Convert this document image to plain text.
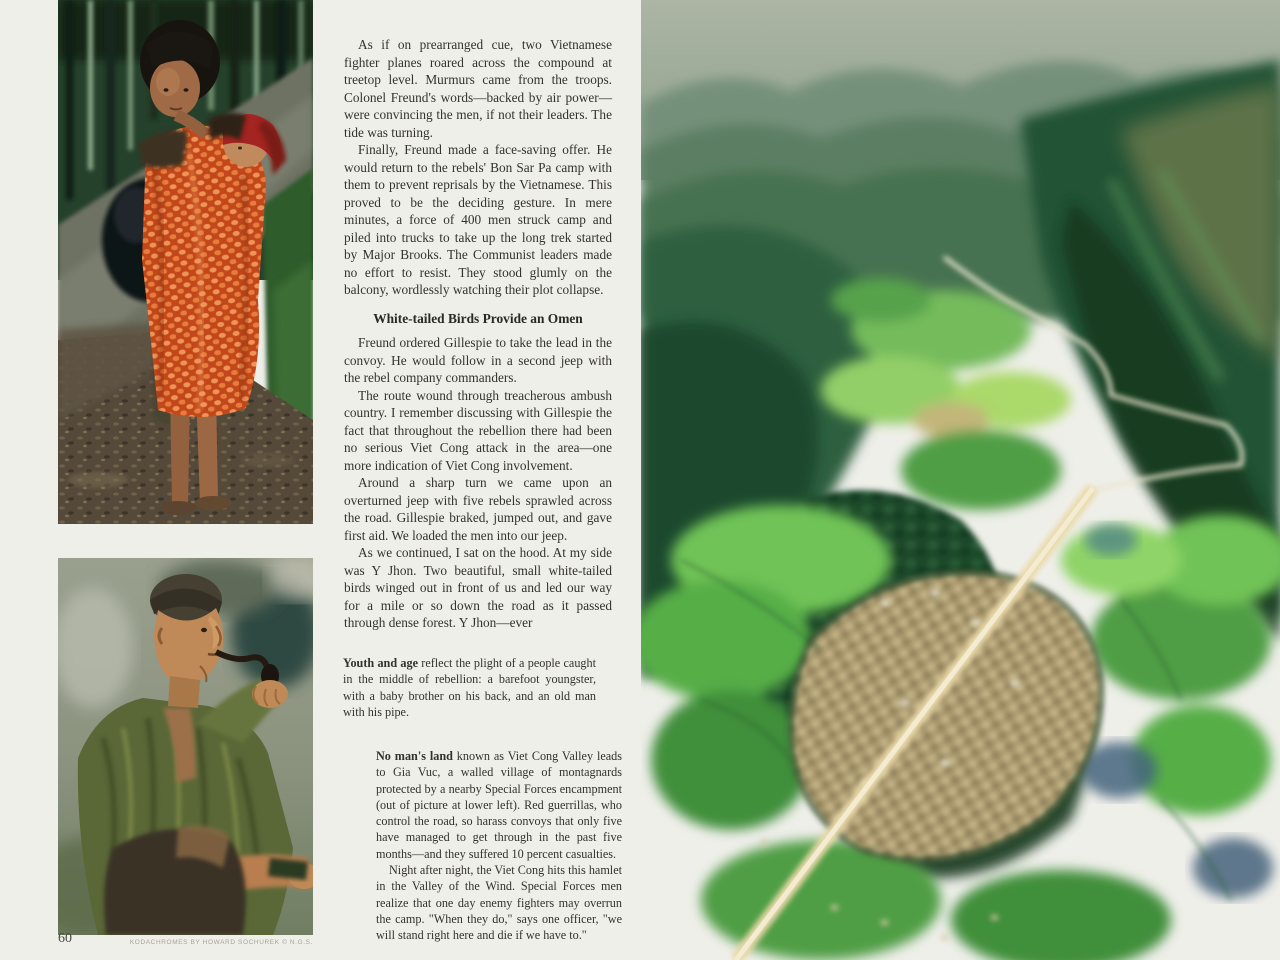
As if on prearranged cue, two Vietnamese fighter planes roared across the compound at treetop level. Murmurs came from the troops. Colonel Freund's words—backed by air power—were convincing the men, if not their leaders. The tide was turning.

Finally, Freund made a face-saving offer. He would return to the rebels' Bon Sar Pa camp with them to prevent reprisals by the Vietnamese. This proved to be the deciding gesture. In mere minutes, a force of 400 men struck camp and piled into trucks to take up the long trek started by Major Brooks. The Communist leaders made no effort to resist. They stood glumly on the balcony, wordlessly watching their plot collapse.

White-tailed Birds Provide an Omen

Freund ordered Gillespie to take the lead in the convoy. He would follow in a second jeep with the rebel company commanders.

The route wound through treacherous ambush country. I remember discussing with Gillespie the fact that throughout the rebellion there had been no serious Viet Cong attack in the area—one more indication of Viet Cong involvement.

Around a sharp turn we came upon an overturned jeep with five rebels sprawled across the road. Gillespie braked, jumped out, and gave first aid. We loaded the men into our jeep.

As we continued, I sat on the hood. At my side was Y Jhon. Two beautiful, small white-tailed birds winged out in front of us and led our way for a mile or so down the road as it passed through dense forest. Y Jhon—ever

Youth and age reflect the plight of a people caught in the middle of rebellion: a barefoot youngster, with a baby brother on his back, and an old man with his pipe.

No man's land known as Viet Cong Valley leads to Gia Vuc, a walled village of montagnards protected by a nearby Special Forces encampment (out of picture at lower left). Red guerrillas, who control the road, so harass convoys that only five have managed to get through in the past five months—and they suffered 10 percent casualties.

Night after night, the Viet Cong hits this hamlet in the Valley of the Wind. Special Forces men realize that one day enemy fighters may overrun the camp. "When they do," says one officer, "we will stand right here and die if we have to."

60	KODACHROMES BY HOWARD SOCHUREK © N.G.S.
